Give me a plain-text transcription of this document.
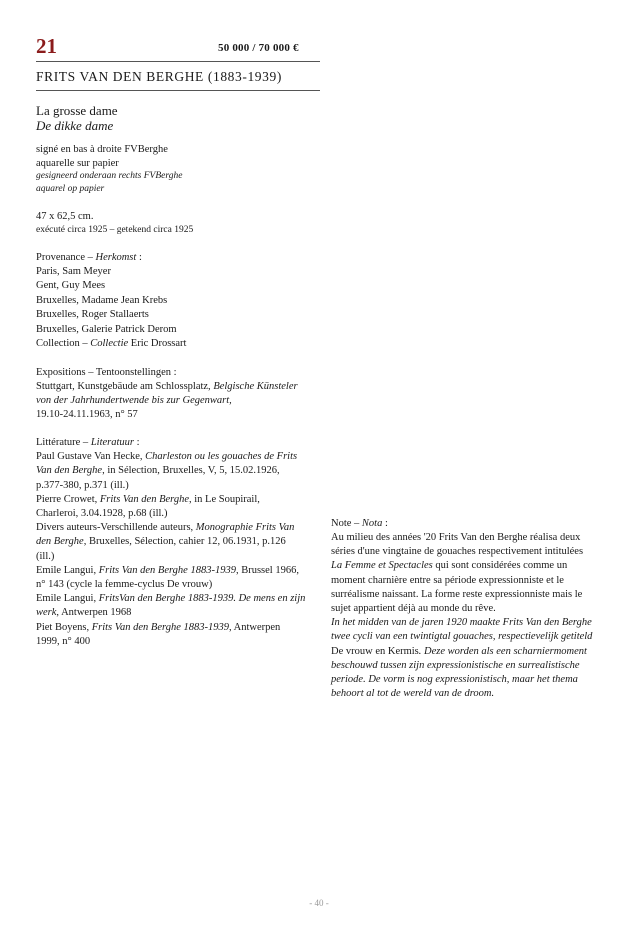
21	50 000 / 70 000 €
FRITS VAN DEN BERGHE (1883-1939)

La grosse dame

De dikke dame

signé en bas à droite FVBerghe

aquarelle sur papier

gesigneerd onderaan rechts FVBerghe

aquarel op papier

47 x 62,5 cm.

exécuté circa 1925 – getekend circa 1925

Provenance – Herkomst :

Paris, Sam Meyer

Gent, Guy Mees

Bruxelles, Madame Jean Krebs

Bruxelles, Roger Stallaerts

Bruxelles, Galerie Patrick Derom

Collection – Collectie Eric Drossart

Expositions – Tentoonstellingen :

Stuttgart, Kunstgebäude am Schlossplatz, Belgische Künsteler

von der Jahrhundertwende bis zur Gegenwart,

19.10-24.11.1963, n° 57

Littérature – Literatuur :

Paul Gustave Van Hecke, Charleston ou les gouaches de Frits

Van den Berghe, in Sélection, Bruxelles, V, 5, 15.02.1926,

p.377-380, p.371 (ill.)

Pierre Crowet, Frits Van den Berghe, in Le Soupirail,

Charleroi, 3.04.1928, p.68 (ill.)

Divers auteurs-Verschillende auteurs, Monographie Frits Van

den Berghe, Bruxelles, Sélection, cahier 12, 06.1931, p.126

(ill.)

Emile Langui, Frits Van den Berghe 1883-1939, Brussel 1966,

n° 143 (cycle la femme-cyclus De vrouw)

Emile Langui, FritsVan den Berghe 1883-1939. De mens en zijn

werk, Antwerpen 1968

Piet Boyens, Frits Van den Berghe 1883-1939, Antwerpen

1999, n° 400

Note – Nota :

Au milieu des années '20 Frits Van den Berghe réalisa deux

séries d'une vingtaine de gouaches respectivement intitulées

La Femme et Spectacles qui sont considérées comme un

moment charnière entre sa période expressionniste et le

surréalisme naissant. La forme reste expressionniste mais le

sujet appartient déjà au monde du rêve.

In het midden van de jaren 1920 maakte Frits Van den Berghe

twee cycli van een twintigtal gouaches, respectievelijk getiteld

De vrouw en Kermis. Deze worden als een scharniermoment

beschouwd tussen zijn expressionistische en surrealistische

periode. De vorm is nog expressionistisch, maar het thema

behoort al tot de wereld van de droom.

- 40 -
